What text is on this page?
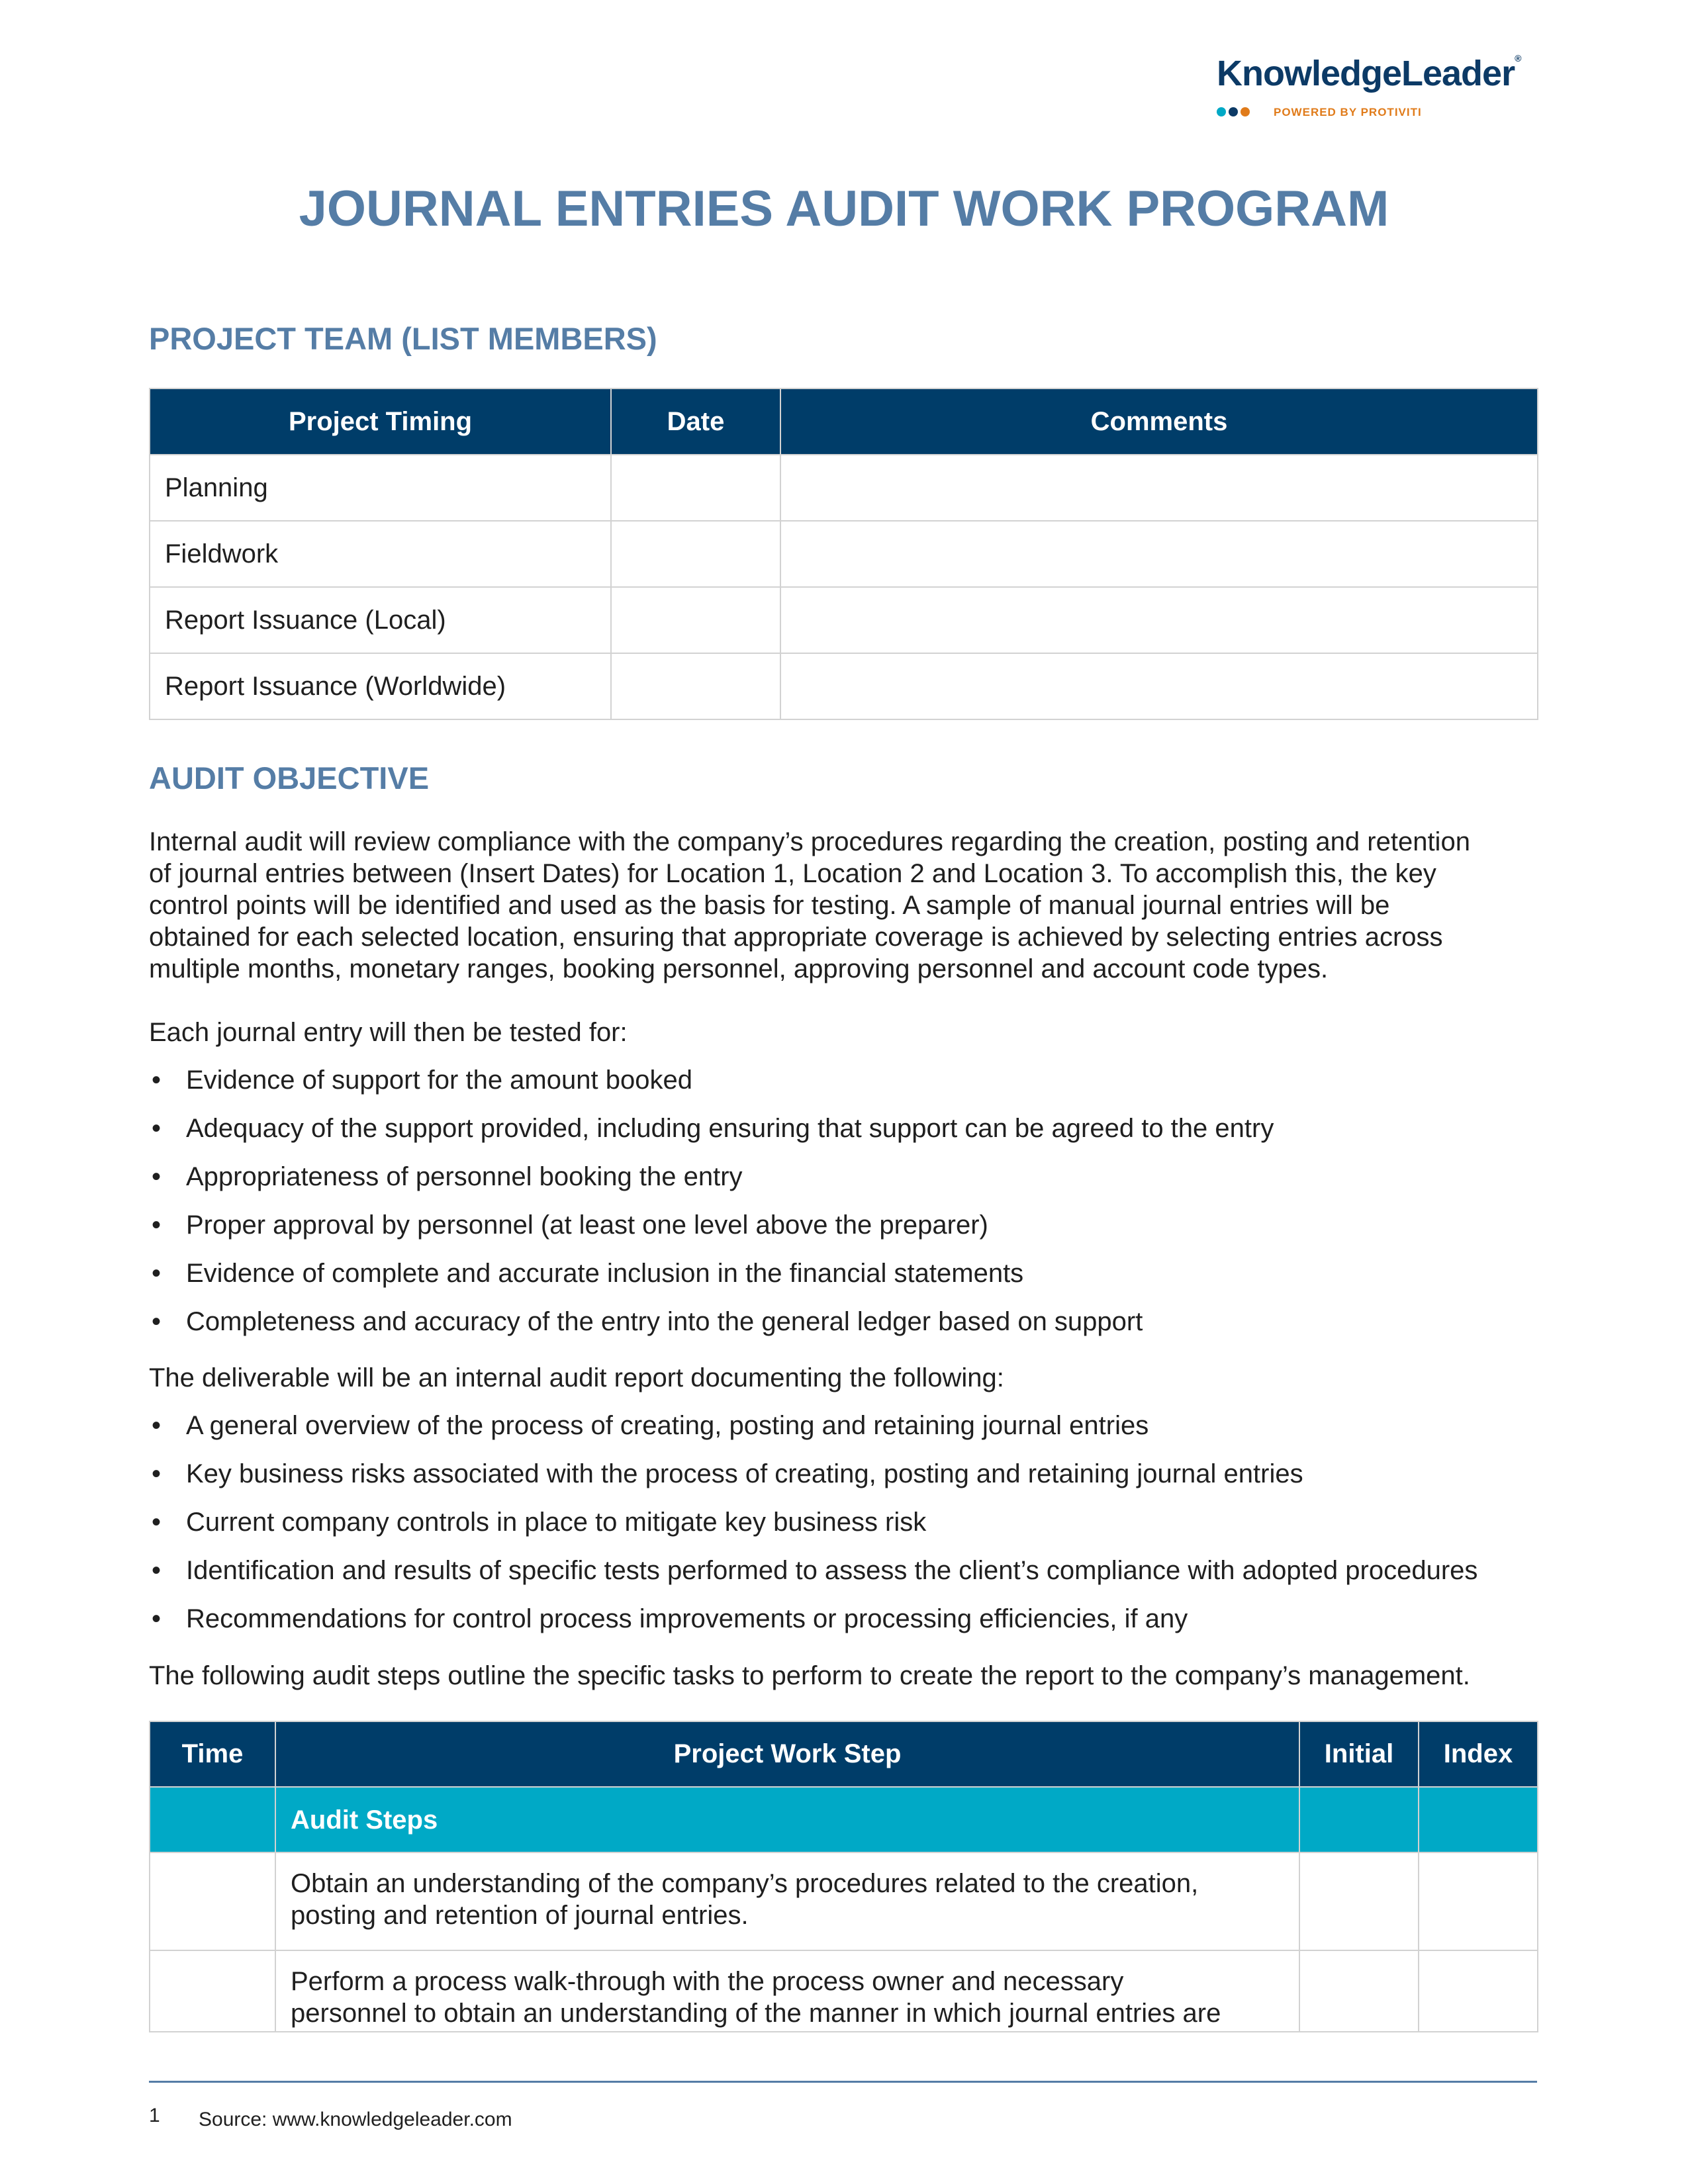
KnowledgeLeader®
POWERED BY PROTIVITI
JOURNAL ENTRIES AUDIT WORK PROGRAM
PROJECT TEAM (LIST MEMBERS)
Project Timing	Date	Comments
Planning		
Fieldwork		
Report Issuance (Local)		
Report Issuance (Worldwide)		
AUDIT OBJECTIVE
Internal audit will review compliance with the company’s procedures regarding the creation, posting and retention
of journal entries between (Insert Dates) for Location 1, Location 2 and Location 3. To accomplish this, the key
control points will be identified and used as the basis for testing. A sample of manual journal entries will be
obtained for each selected location, ensuring that appropriate coverage is achieved by selecting entries across
multiple months, monetary ranges, booking personnel, approving personnel and account code types.

Each journal entry will then be tested for:

• Evidence of support for the amount booked
• Adequacy of the support provided, including ensuring that support can be agreed to the entry
• Appropriateness of personnel booking the entry
• Proper approval by personnel (at least one level above the preparer)
• Evidence of complete and accurate inclusion in the financial statements
• Completeness and accuracy of the entry into the general ledger based on support

The deliverable will be an internal audit report documenting the following:

• A general overview of the process of creating, posting and retaining journal entries
• Key business risks associated with the process of creating, posting and retaining journal entries
• Current company controls in place to mitigate key business risk
• Identification and results of specific tests performed to assess the client’s compliance with adopted procedures
• Recommendations for control process improvements or processing efficiencies, if any

The following audit steps outline the specific tasks to perform to create the report to the company’s management.

Time	Project Work Step	Initial	Index
	Audit Steps		

	Obtain an understanding of the company’s procedures related to the creation,
posting and retention of journal entries.		

	Perform a process walk-through with the process owner and necessary
personnel to obtain an understanding of the manner in which journal entries are		

1 Source: www.knowledgeleader.com
